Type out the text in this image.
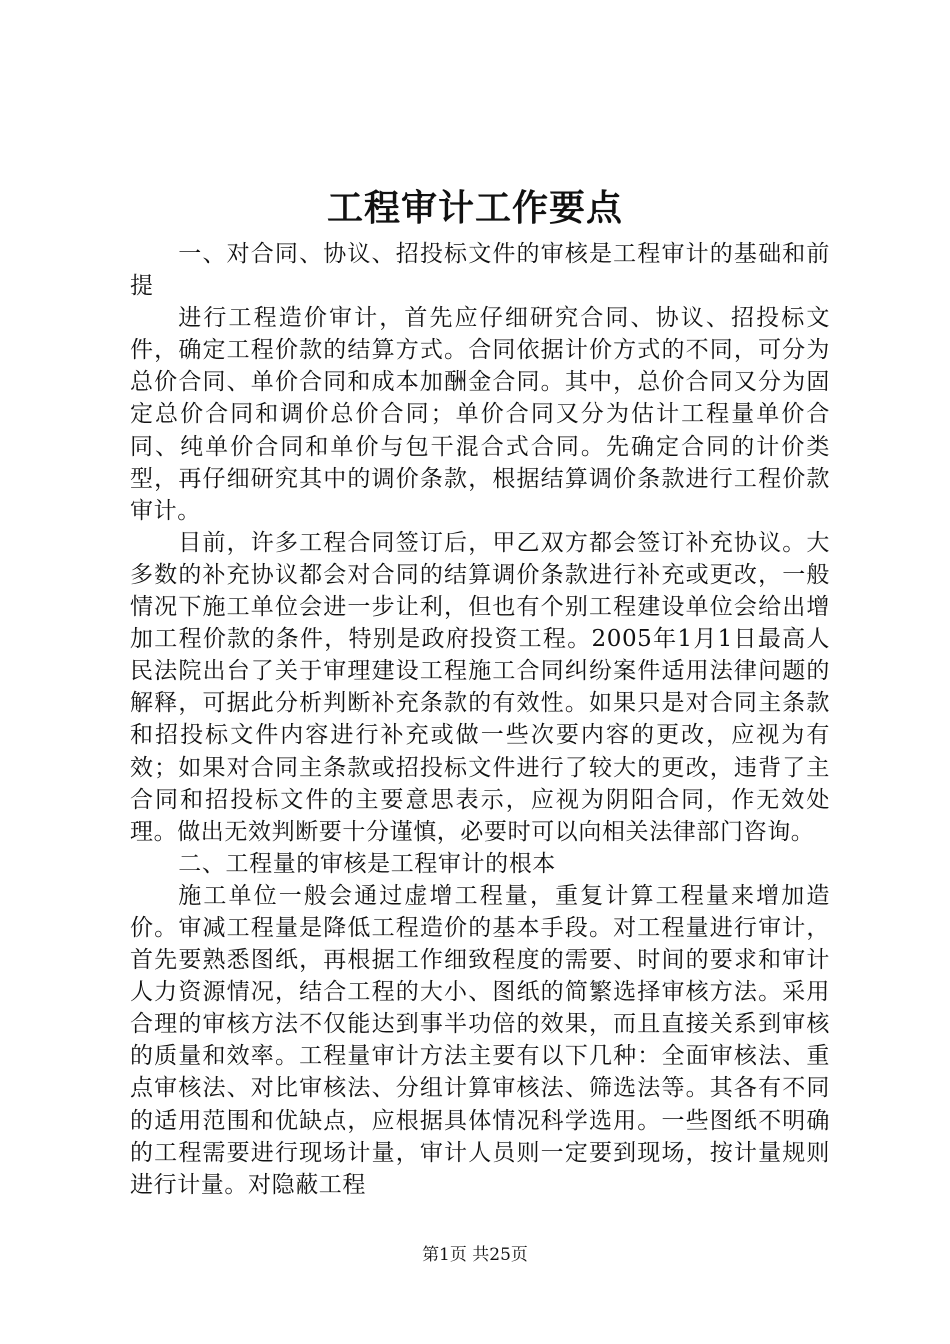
工程审计工作要点

一、对合同、协议、招投标文件的审核是工程审计的基础和前提

进行工程造价审计，首先应仔细研究合同、协议、招投标文件，确定工程价款的结算方式。合同依据计价方式的不同，可分为总价合同、单价合同和成本加酬金合同。其中，总价合同又分为固定总价合同和调价总价合同；单价合同又分为估计工程量单价合同、纯单价合同和单价与包干混合式合同。先确定合同的计价类型，再仔细研究其中的调价条款，根据结算调价条款进行工程价款审计。

目前，许多工程合同签订后，甲乙双方都会签订补充协议。大多数的补充协议都会对合同的结算调价条款进行补充或更改，一般情况下施工单位会进一步让利，但也有个别工程建设单位会给出增加工程价款的条件，特别是政府投资工程。2005年1月1日最高人民法院出台了关于审理建设工程施工合同纠纷案件适用法律问题的解释，可据此分析判断补充条款的有效性。如果只是对合同主条款和招投标文件内容进行补充或做一些次要内容的更改，应视为有效；如果对合同主条款或招投标文件进行了较大的更改，违背了主合同和招投标文件的主要意思表示，应视为阴阳合同，作无效处理。做出无效判断要十分谨慎，必要时可以向相关法律部门咨询。

二、工程量的审核是工程审计的根本

施工单位一般会通过虚增工程量，重复计算工程量来增加造价。审减工程量是降低工程造价的基本手段。对工程量进行审计，首先要熟悉图纸，再根据工作细致程度的需要、时间的要求和审计人力资源情况，结合工程的大小、图纸的简繁选择审核方法。采用合理的审核方法不仅能达到事半功倍的效果，而且直接关系到审核的质量和效率。工程量审计方法主要有以下几种：全面审核法、重点审核法、对比审核法、分组计算审核法、筛选法等。其各有不同的适用范围和优缺点，应根据具体情况科学选用。一些图纸不明确的工程需要进行现场计量，审计人员则一定要到现场，按计量规则进行计量。对隐蔽工程

第1页 共25页
